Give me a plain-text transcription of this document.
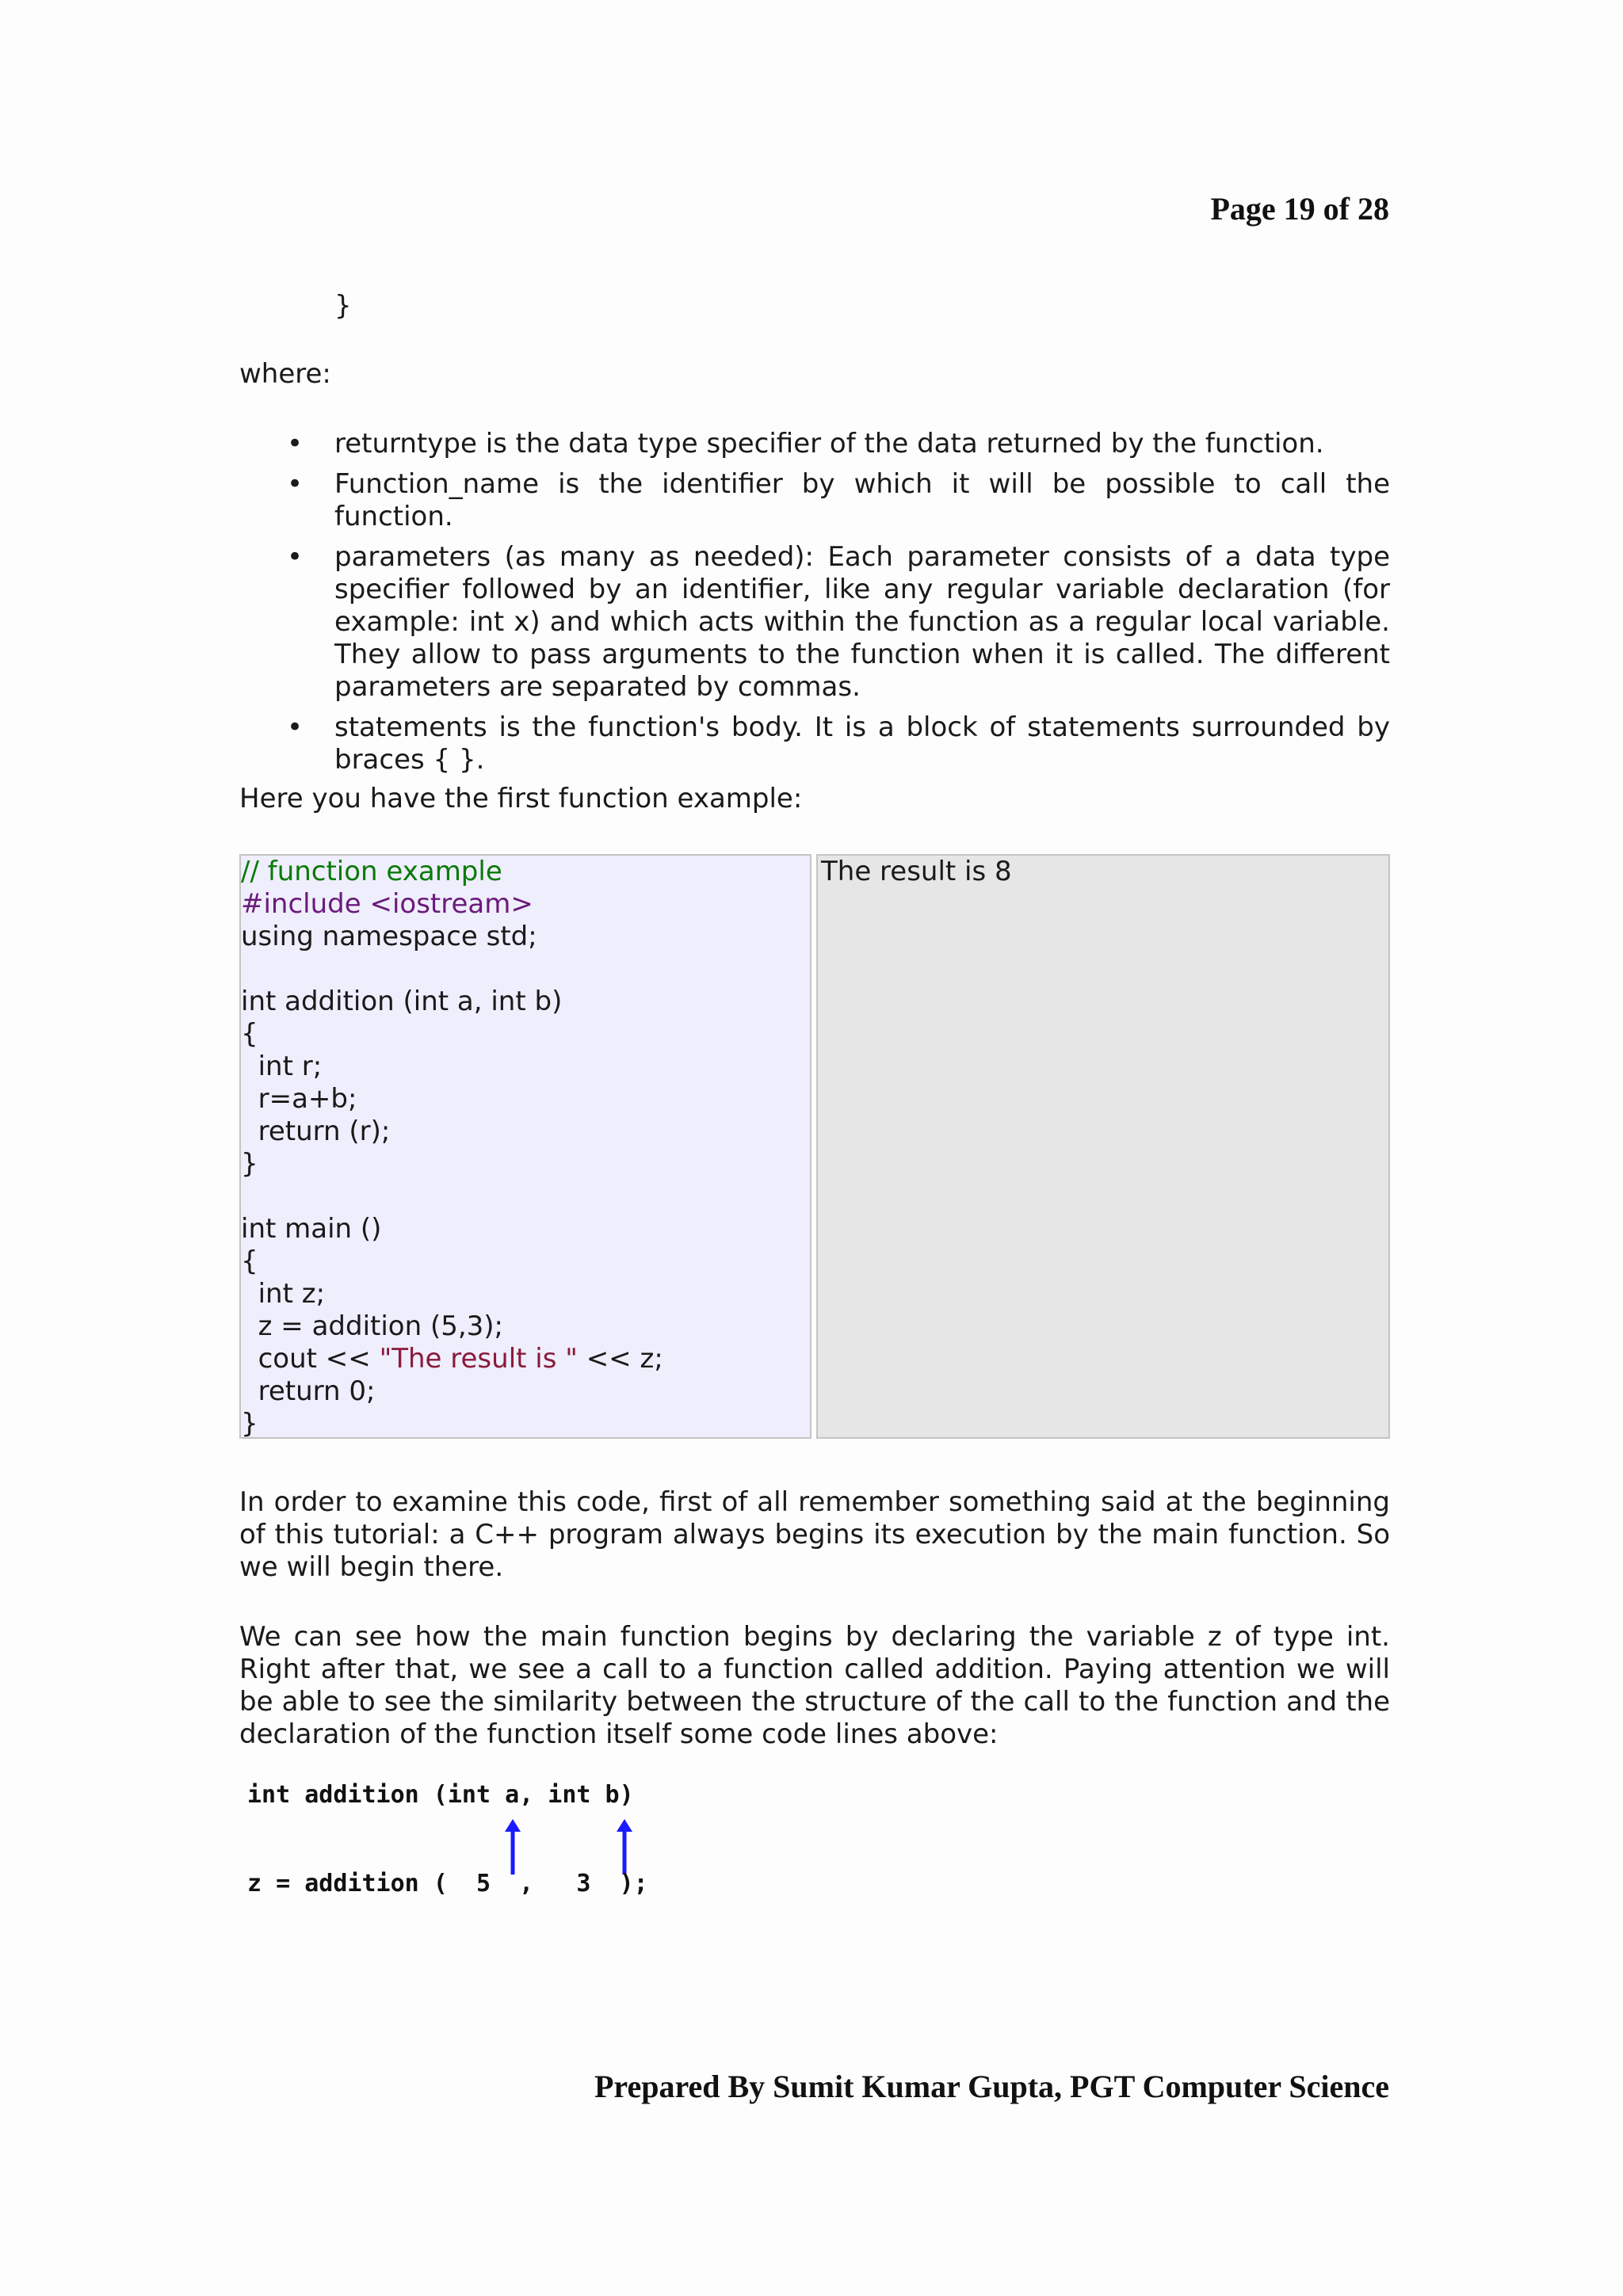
Page 19 of 28
}
where:
• returntype is the data type specifier of the data returned by the function.
• Function_name is the identifier by which it will be possible to call the function.
• parameters (as many as needed): Each parameter consists of a data type specifier followed by an identifier, like any regular variable declaration (for example: int x) and which acts within the function as a regular local variable. They allow to pass arguments to the function when it is called. The different parameters are separated by commas.
• statements is the function's body. It is a block of statements surrounded by braces { }.
Here you have the first function example:
// function example
#include <iostream>
using namespace std;
int addition (int a, int b)
{
int r;
r=a+b;
return (r);
}
int main ()
{
int z;
z = addition (5,3);
cout << "The result is " << z;
return 0;
}
The result is 8
In order to examine this code, first of all remember something said at the beginning of this tutorial: a C++ program always begins its execution by the main function. So we will begin there.
We can see how the main function begins by declaring the variable z of type int. Right after that, we see a call to a function called addition. Paying attention we will be able to see the similarity between the structure of the call to the function and the declaration of the function itself some code lines above:
int addition (int a, int b)
z = addition (  5  ,   3  );
Prepared By Sumit Kumar Gupta, PGT Computer Science
